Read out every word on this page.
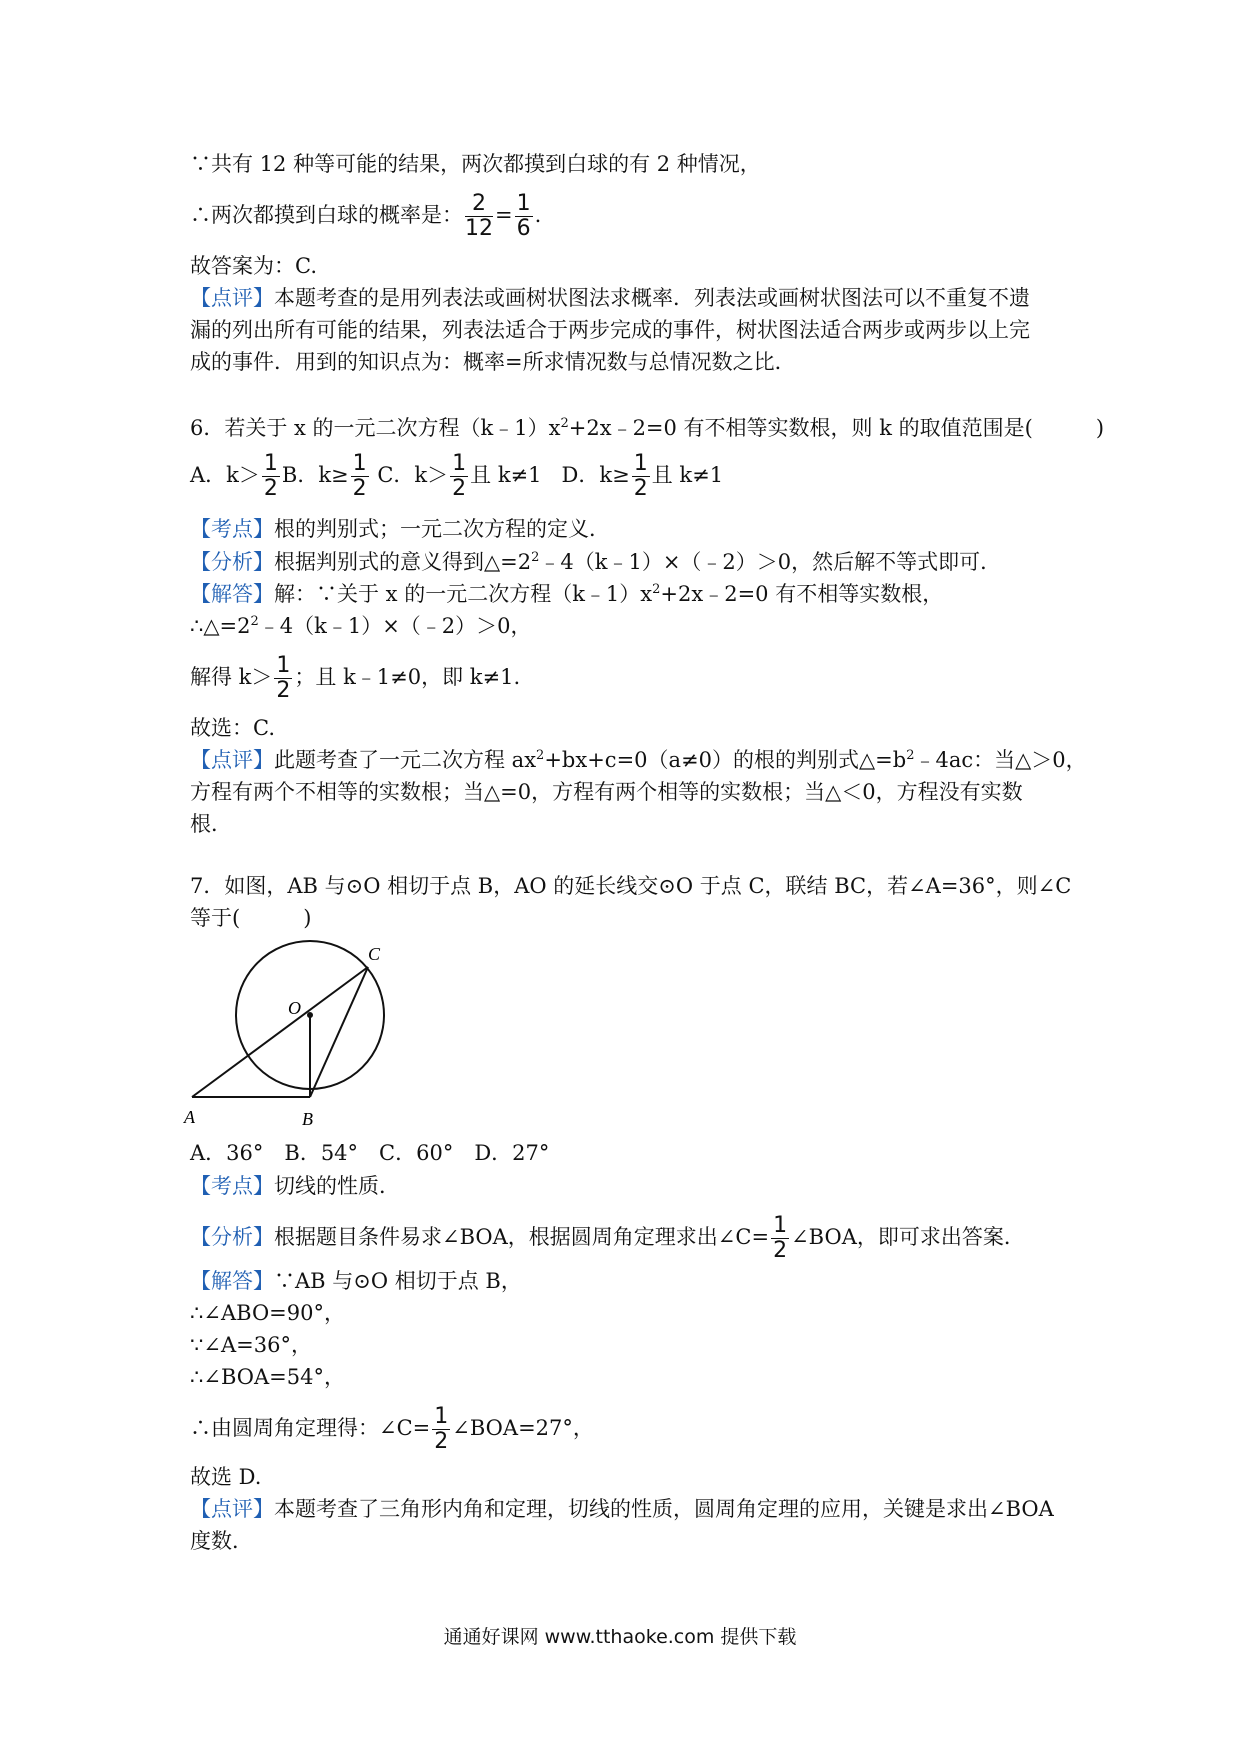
∵共有 12 种等可能的结果，两次都摸到白球的有 2 种情况，
∴两次都摸到白球的概率是： $\frac{2}{12} = \frac{1}{6}$ .
故答案为：C.
【点评】本题考查的是用列表法或画树状图法求概率．列表法或画树状图法可以不重复不遗
漏的列出所有可能的结果，列表法适合于两步完成的事件，树状图法适合两步或两步以上完
成的事件．用到的知识点为：概率=所求情况数与总情况数之比．
6．若关于 x 的一元二次方程$(k﹣1)x^2+2x﹣2=0$ 有不相等实数根，则 k 的取值范围是(　　　)
A．$k> \frac{1}{2}$ B．$k\ge \frac{1}{2}$ C．$k> \frac{1}{2}$ 且 k≠1 D．$k\ge \frac{1}{2}$ 且 k≠1
【考点】根的判别式；一元二次方程的定义．
【分析】根据判别式的意义得到$\triangle=2^2﹣4(k﹣1)\times(﹣2)>0$，然后解不等式即可．
【解答】解：∵关于 x 的一元二次方程$(k﹣1)x^2+2x﹣2=0$ 有不相等实数根，
$\therefore\triangle=2^2﹣4(k﹣1)\times(﹣2)>0$，
解得 $k> \frac{1}{2}$ ；且 k﹣1≠0，即 k≠1.
故选：C.
【点评】此题考查了一元二次方程 $ax^2+bx+c=0(a\ne 0)$的根的判别式$\triangle=b^2﹣4ac$：当△＞0，
方程有两个不相等的实数根；当△=0，方程有两个相等的实数根；当△＜0，方程没有实数
根．
7．如图，AB 与⊙O 相切于点 B，AO 的延长线交⊙O 于点 C，联结 BC，若∠A=36°，则∠C
等于(　　　)
A	B
C
O
A．36°　B．54°　C．60°　D．27°
【考点】切线的性质．
【分析】根据题目条件易求∠BOA，根据圆周角定理求出∠C= $\frac{1}{2}$ ∠BOA，即可求出答案．
【解答】∵AB 与⊙O 相切于点 B，
∴∠ABO=90°，
∵∠A=36°，
∴∠BOA=54°，
∴由圆周角定理得：∠C= $\frac{1}{2}$ ∠BOA=27°，
故选 D.
【点评】本题考查了三角形内角和定理，切线的性质，圆周角定理的应用，关键是求出∠BOA
度数．
通通好课网 www.tthaoke.com 提供下载
